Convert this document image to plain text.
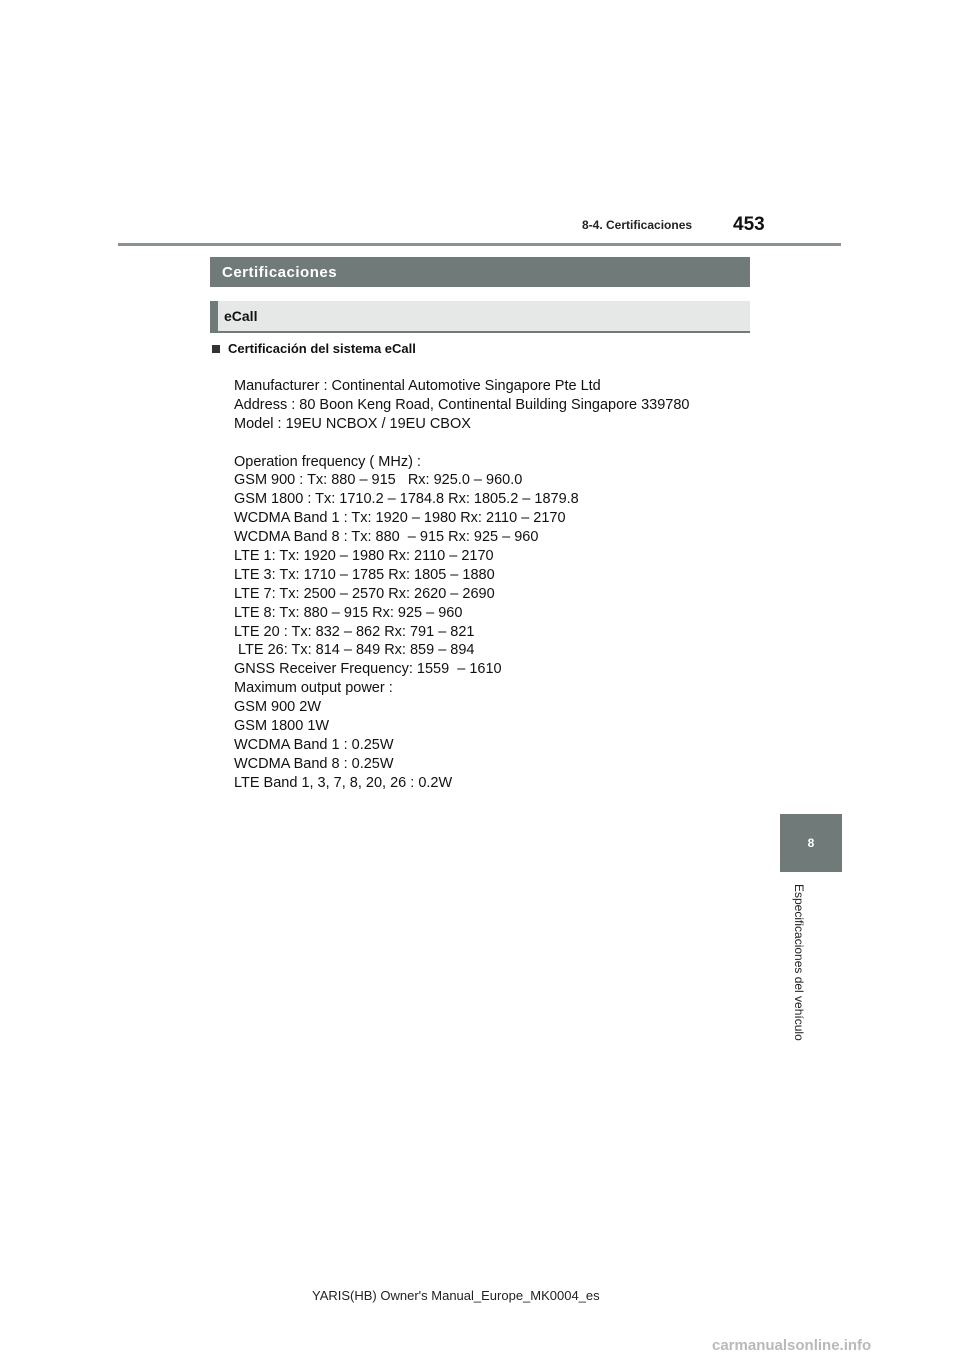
8-4. Certificaciones 453
8
Especificaciones del vehículo
Certificaciones
eCall
Certificación del sistema eCall
Manufacturer : Continental Automotive Singapore Pte Ltd
Address : 80 Boon Keng Road, Continental Building Singapore 339780
Model : 19EU NCBOX / 19EU CBOX
Operation frequency ( MHz) :
GSM 900 : Tx: 880 – 915   Rx: 925.0 – 960.0
GSM 1800 : Tx: 1710.2 – 1784.8 Rx: 1805.2 – 1879.8
WCDMA Band 1 : Tx: 1920 – 1980 Rx: 2110 – 2170
WCDMA Band 8 : Tx: 880  – 915 Rx: 925 – 960
LTE 1: Tx: 1920 – 1980 Rx: 2110 – 2170
LTE 3: Tx: 1710 – 1785 Rx: 1805 – 1880
LTE 7: Tx: 2500 – 2570 Rx: 2620 – 2690
LTE 8: Tx: 880 – 915 Rx: 925 – 960
LTE 20 : Tx: 832 – 862 Rx: 791 – 821
LTE 26: Tx: 814 – 849 Rx: 859 – 894
GNSS Receiver Frequency: 1559  – 1610
Maximum output power :
GSM 900 2W
GSM 1800 1W
WCDMA Band 1 : 0.25W
WCDMA Band 8 : 0.25W
LTE Band 1, 3, 7, 8, 20, 26 : 0.2W
YARIS(HB) Owner's Manual_Europe_MK0004_es
carmanualsonline.info
